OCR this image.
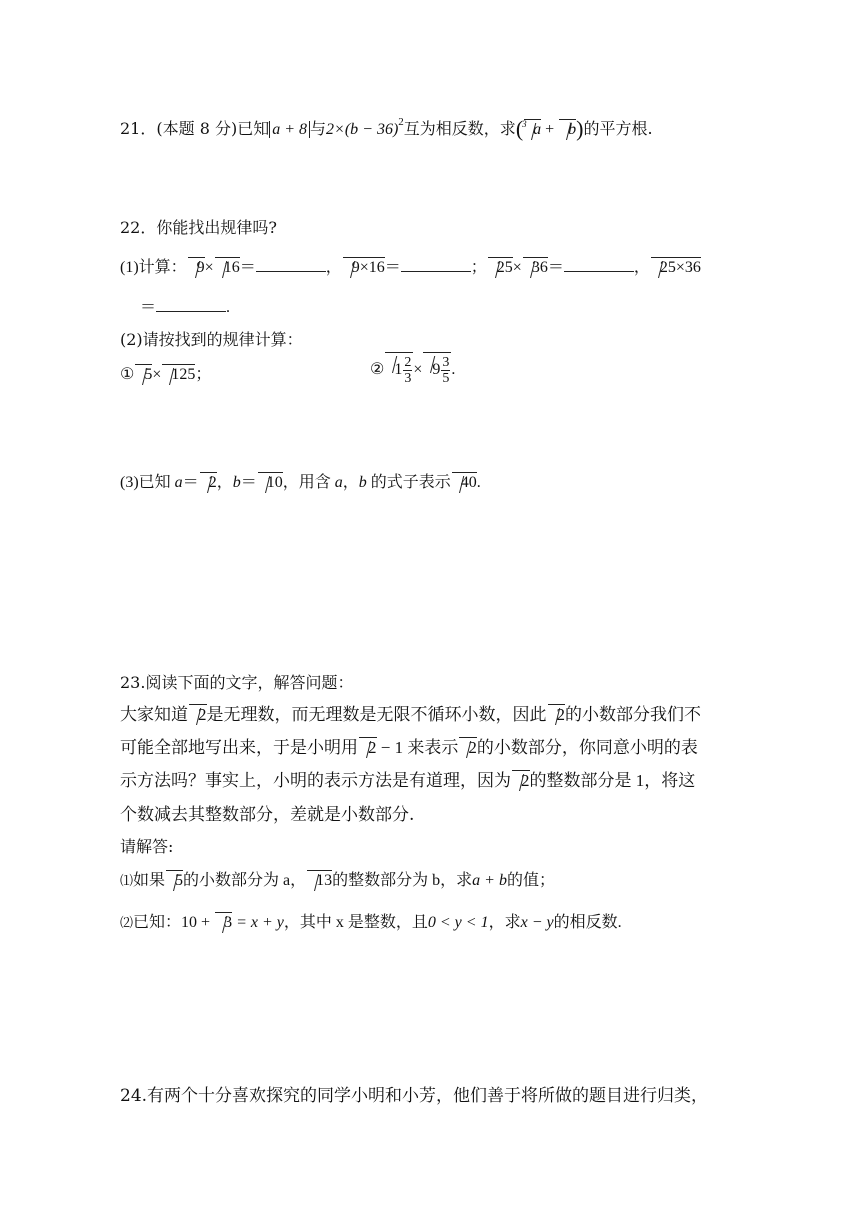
21．(本题 8 分)已知 a + 8 与$2\times(b - 36)^2$互为相反数，求( 3 a + b)的平方根.
22．你能找出规律吗?
(1)计算： 9× 16＝	， 9×16＝	； 25× 36＝	， 25×36
＝	.
(2)请按找到的规律计算：
① 5× 125；	② $1 \frac{2}{3} \times 9 \frac{3}{5}$ .
(3)已知 a＝ 2，b＝ 10，用含 a，b 的式子表示 40.
23.阅读下面的文字，解答问题：
大家知道 2是无理数，而无理数是无限不循环小数，因此 2的小数部分我们不
可能全部地写出来，于是小明用 2 − 1 来表示 2的小数部分，你同意小明的表
示方法吗？事实上，小明的表示方法是有道理，因为 2的整数部分是 1，将这
个数减去其整数部分，差就是小数部分.
请解答:
⑴如果 5的小数部分为 a， 13的整数部分为 b，求a + b的值；
⑵已知：10 + 3 = x + y，其中 x 是整数，且0 < y < 1，求x − y的相反数.
24.有两个十分喜欢探究的同学小明和小芳，他们善于将所做的题目进行归类，
